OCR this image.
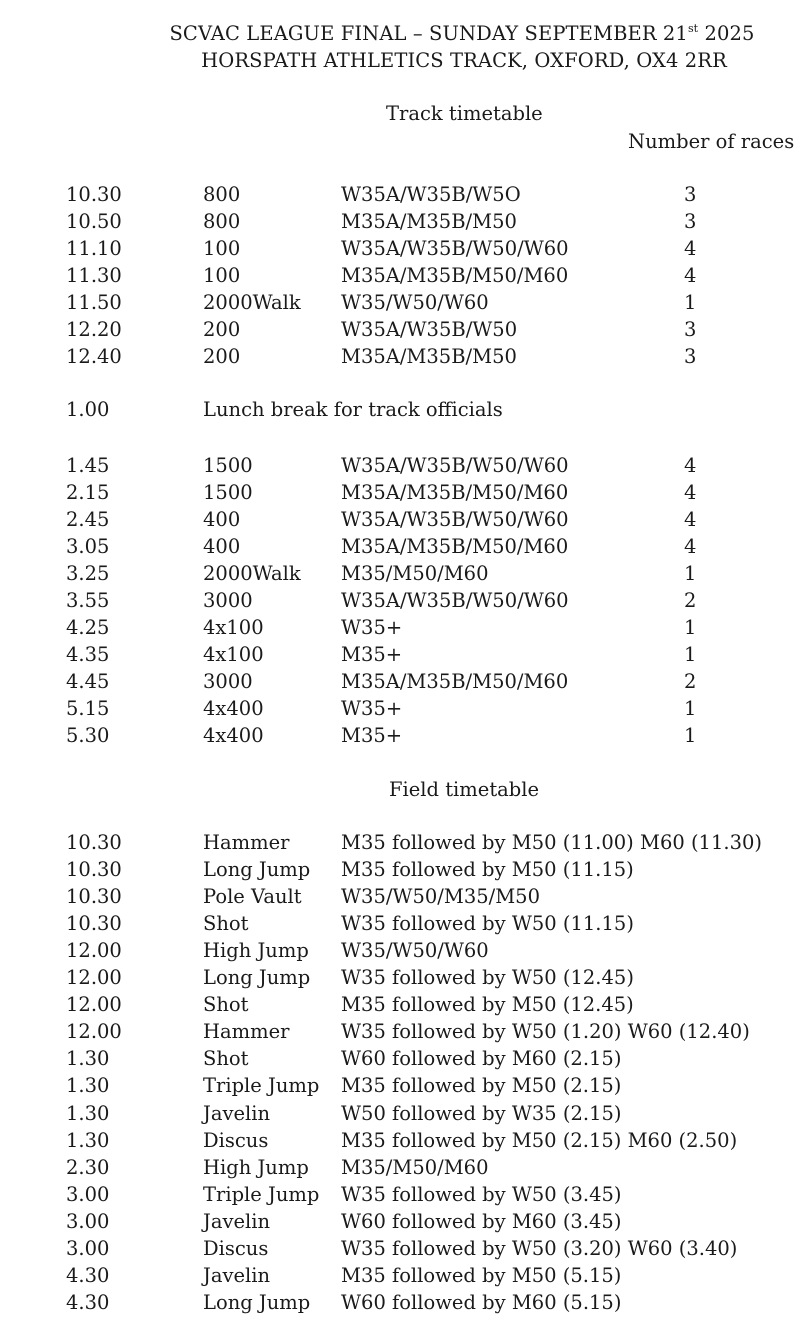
SCVAC LEAGUE FINAL – SUNDAY SEPTEMBER 21st 2025
HORSPATH ATHLETICS TRACK, OXFORD, OX4 2RR
Track timetable
Number of races
10.30	800	W35A/W35B/W5O	3
10.50	800	M35A/M35B/M50	3
11.10	100	W35A/W35B/W50/W60	4
11.30	100	M35A/M35B/M50/M60	4
11.50	2000Walk W35/W50/W60	1
12.20	200	W35A/W35B/W50	3
12.40	200	M35A/M35B/M50	3
1.00	Lunch break for track officials
1.45	1500	W35A/W35B/W50/W60	4
2.15	1500	M35A/M35B/M50/M60	4
2.45	400	W35A/W35B/W50/W60	4
3.05	400	M35A/M35B/M50/M60	4
3.25	2000Walk M35/M50/M60	1
3.55	3000	W35A/W35B/W50/W60	2
4.25	4x100	W35+	1
4.35	4x100	M35+	1
4.45	3000	M35A/M35B/M50/M60	2
5.15	4x400	W35+	1
5.30	4x400	M35+	1
Field timetable
10.30	Hammer	M35 followed by M50 (11.00) M60 (11.30)
10.30	Long Jump M35 followed by M50 (11.15)
10.30	Pole Vault W35/W50/M35/M50
10.30	Shot	W35 followed by W50 (11.15)
12.00	High Jump W35/W50/W60
12.00	Long Jump W35 followed by W50 (12.45)
12.00	Shot	M35 followed by M50 (12.45)
12.00	Hammer	W35 followed by W50 (1.20) W60 (12.40)
1.30	Shot	W60 followed by M60 (2.15)
1.30	Triple Jump M35 followed by M50 (2.15)
1.30	Javelin	W50 followed by W35 (2.15)
1.30	Discus	M35 followed by M50 (2.15) M60 (2.50)
2.30	High Jump M35/M50/M60
3.00	Triple Jump W35 followed by W50 (3.45)
3.00	Javelin	W60 followed by M60 (3.45)
3.00	Discus	W35 followed by W50 (3.20) W60 (3.40)
4.30	Javelin	M35 followed by M50 (5.15)
4.30	Long Jump W60 followed by M60 (5.15)
